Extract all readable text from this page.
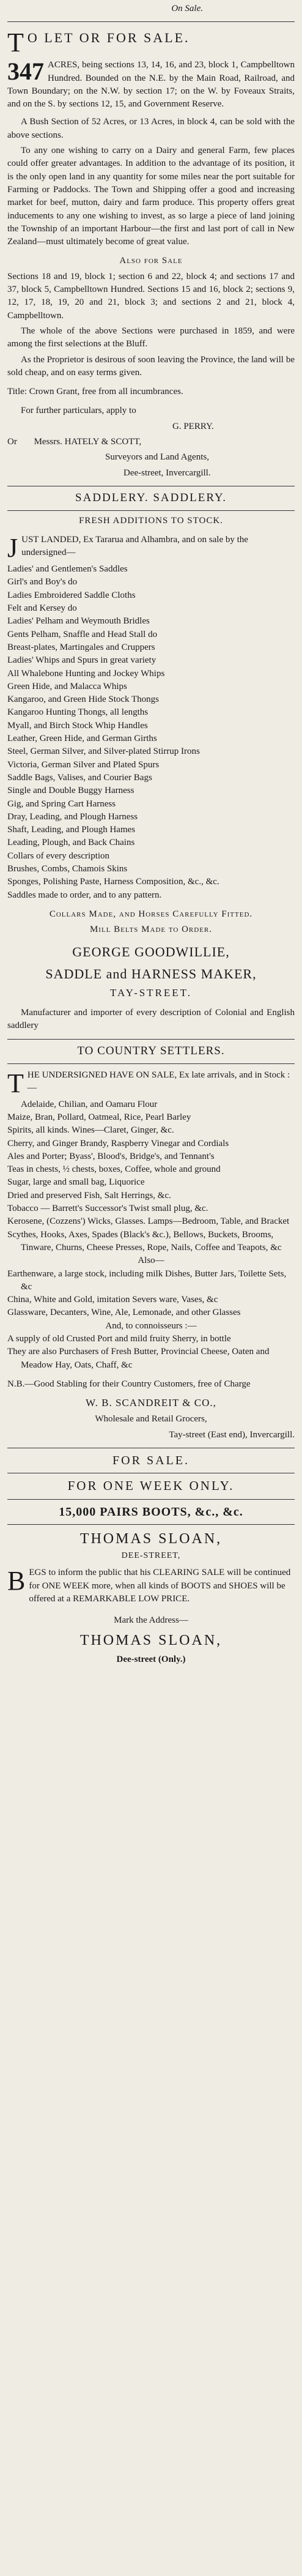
On Sale.
T O LET OR FOR SALE.

347 ACRES, being sections 13, 14, 16, and 23, block 1, Campbelltown Hundred. Bounded on the N.E. by the Main Road, Railroad, and Town Boundary; on the N.W. by section 17; on the W. by Foveaux Straits, and on the S. by sections 12, 15, and Government Reserve.

A Bush Section of 52 Acres, or 13 Acres, in block 4, can be sold with the above sections.

To any one wishing to carry on a Dairy and general Farm, few places could offer greater advantages. In addition to the advantage of its position, it is the only open land in any quantity for some miles near the port suitable for Farming or Paddocks. The Town and Shipping offer a good and increasing market for beef, mutton, dairy and farm produce. This property offers great inducements to any one wishing to invest, as so large a piece of land joining the Township of an important Harbour—the first and last port of call in New Zealand—must ultimately become of great value.

Also for Sale

Sections 18 and 19, block 1; section 6 and 22, block 4; and sections 17 and 37, block 5, Campbelltown Hundred. Sections 15 and 16, block 2; sections 9, 12, 17, 18, 19, 20 and 21, block 3; and sections 2 and 21, block 4, Campbelltown.

The whole of the above Sections were purchased in 1859, and were among the first selections at the Bluff.

As the Proprietor is desirous of soon leaving the Province, the land will be sold cheap, and on easy terms given.

Title: Crown Grant, free from all incumbrances.

For further particulars, apply to

G. PERRY.

Or Messrs. HATELY & SCOTT,

Surveyors and Land Agents,

Dee-street, Invercargill.

SADDLERY. SADDLERY.
FRESH ADDITIONS TO STOCK.
J UST LANDED, Ex Tararua and Alhambra, and on sale by the undersigned—

Ladies' and Gentlemen's Saddles

Girl's and Boy's do

Ladies Embroidered Saddle Cloths

Felt and Kersey do

Ladies' Pelham and Weymouth Bridles

Gents Pelham, Snaffle and Head Stall do

Breast-plates, Martingales and Cruppers

Ladies' Whips and Spurs in great variety

All Whalebone Hunting and Jockey Whips

Green Hide, and Malacca Whips

Kangaroo, and Green Hide Stock Thongs

Kangaroo Hunting Thongs, all lengths

Myall, and Birch Stock Whip Handles

Leather, Green Hide, and German Girths

Steel, German Silver, and Silver-plated Stirrup Irons

Victoria, German Silver and Plated Spurs

Saddle Bags, Valises, and Courier Bags

Single and Double Buggy Harness

Gig, and Spring Cart Harness

Dray, Leading, and Plough Harness

Shaft, Leading, and Plough Hames

Leading, Plough, and Back Chains

Collars of every description

Brushes, Combs, Chamois Skins

Sponges, Polishing Paste, Harness Composition, &c., &c.

Saddles made to order, and to any pattern.

Collars Made, and Horses Carefully Fitted.

Mill Belts Made to Order.

GEORGE GOODWILLIE,

SADDLE and HARNESS MAKER,

TAY-STREET.

Manufacturer and importer of every description of Colonial and English saddlery

TO COUNTRY SETTLERS.
T HE UNDERSIGNED HAVE ON SALE, Ex late arrivals, and in Stock :—

Adelaide, Chilian, and Oamaru Flour

Maize, Bran, Pollard, Oatmeal, Rice, Pearl Barley

Spirits, all kinds. Wines—Claret, Ginger, &c.

Cherry, and Ginger Brandy, Raspberry Vinegar and Cordials

Ales and Porter; Byass', Blood's, Bridge's, and Tennant's

Teas in chests, ½ chests, boxes, Coffee, whole and ground

Sugar, large and small bag, Liquorice

Dried and preserved Fish, Salt Herrings, &c.

Tobacco — Barrett's Successor's Twist small plug, &c.

Kerosene, (Cozzens') Wicks, Glasses. Lamps—Bedroom, Table, and Bracket

Scythes, Hooks, Axes, Spades (Black's &c.), Bellows, Buckets, Brooms, Tinware, Churns, Cheese Presses, Rope, Nails, Coffee and Teapots, &c

Also—

Earthenware, a large stock, including milk Dishes, Butter Jars, Toilette Sets, &c

China, White and Gold, imitation Severs ware, Vases, &c

Glassware, Decanters, Wine, Ale, Lemonade, and other Glasses

And, to connoisseurs :—

A supply of old Crusted Port and mild fruity Sherry, in bottle

They are also Purchasers of Fresh Butter, Provincial Cheese, Oaten and Meadow Hay, Oats, Chaff, &c

N.B.—Good Stabling for their Country Customers, free of Charge

W. B. SCANDREIT & CO.,

Wholesale and Retail Grocers,

Tay-street (East end), Invercargill.

FOR SALE.
FOR ONE WEEK ONLY.
15,000 PAIRS BOOTS, &c., &c.
THOMAS SLOAN,
DEE-STREET,
B EGS to inform the public that his CLEARING SALE will be continued for ONE WEEK more, when all kinds of BOOTS and SHOES will be offered at a REMARKABLE LOW PRICE.

Mark the Address—

THOMAS SLOAN,

Dee-street (Only.)
